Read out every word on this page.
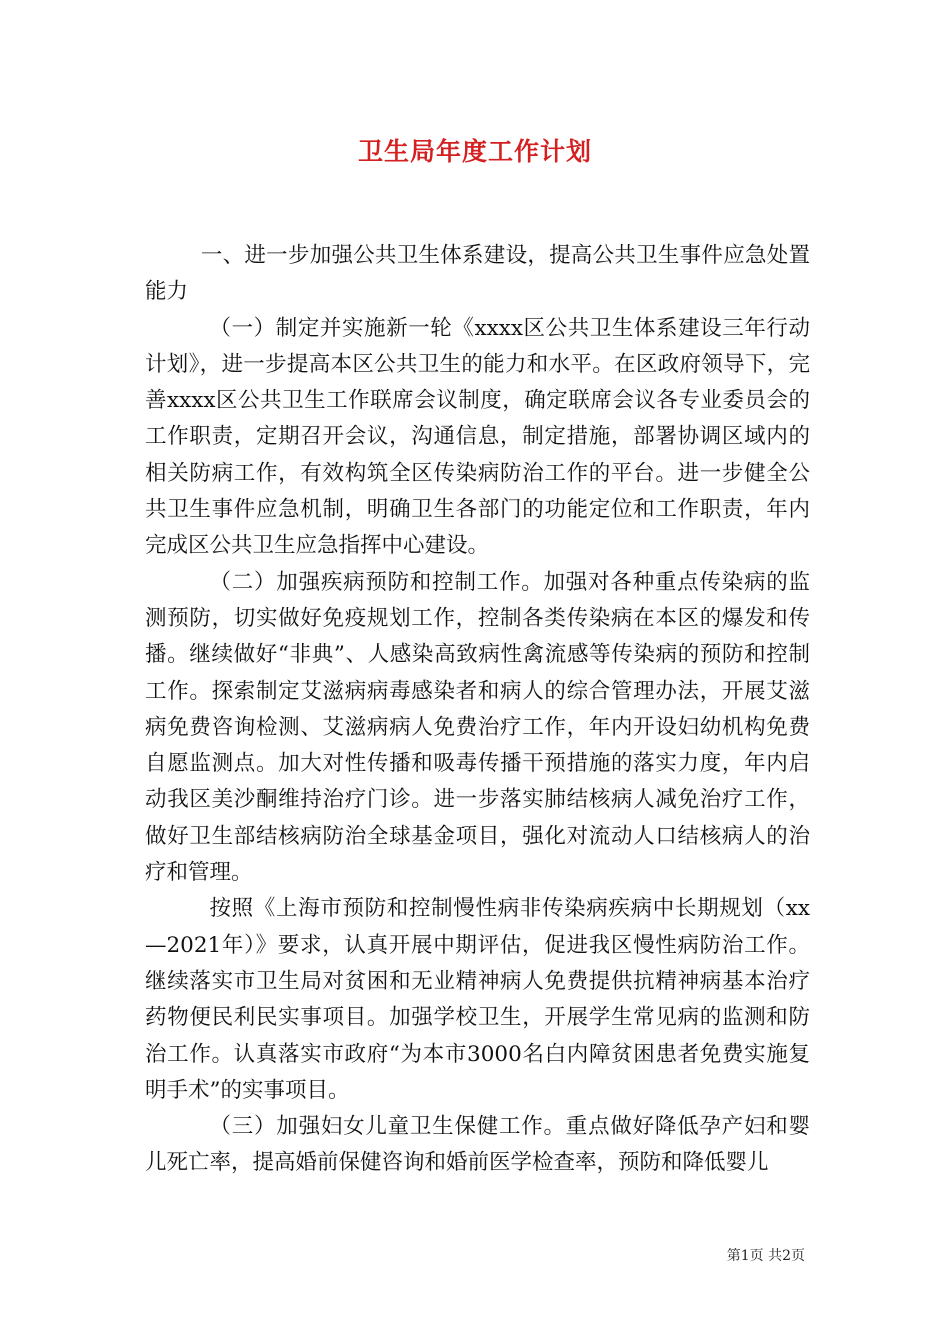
卫生局年度工作计划

一、进一步加强公共卫生体系建设，提高公共卫生事件应急处置能力

（一）制定并实施新一轮《xxxx区公共卫生体系建设三年行动计划》，进一步提高本区公共卫生的能力和水平。在区政府领导下，完善xxxx区公共卫生工作联席会议制度，确定联席会议各专业委员会的工作职责，定期召开会议，沟通信息，制定措施，部署协调区域内的相关防病工作，有效构筑全区传染病防治工作的平台。进一步健全公共卫生事件应急机制，明确卫生各部门的功能定位和工作职责，年内完成区公共卫生应急指挥中心建设。

（二）加强疾病预防和控制工作。加强对各种重点传染病的监测预防，切实做好免疫规划工作，控制各类传染病在本区的爆发和传播。继续做好“非典”、人感染高致病性禽流感等传染病的预防和控制工作。探索制定艾滋病病毒感染者和病人的综合管理办法，开展艾滋病免费咨询检测、艾滋病病人免费治疗工作，年内开设妇幼机构免费自愿监测点。加大对性传播和吸毒传播干预措施的落实力度，年内启动我区美沙酮维持治疗门诊。进一步落实肺结核病人减免治疗工作，做好卫生部结核病防治全球基金项目，强化对流动人口结核病人的治疗和管理。

按照《上海市预防和控制慢性病非传染病疾病中长期规划（xx—2021年）》要求，认真开展中期评估，促进我区慢性病防治工作。继续落实市卫生局对贫困和无业精神病人免费提供抗精神病基本治疗药物便民利民实事项目。加强学校卫生，开展学生常见病的监测和防治工作。认真落实市政府“为本市3000名白内障贫困患者免费实施复明手术”的实事项目。

（三）加强妇女儿童卫生保健工作。重点做好降低孕产妇和婴儿死亡率，提高婚前保健咨询和婚前医学检查率，预防和降低婴儿

第1页 共2页
